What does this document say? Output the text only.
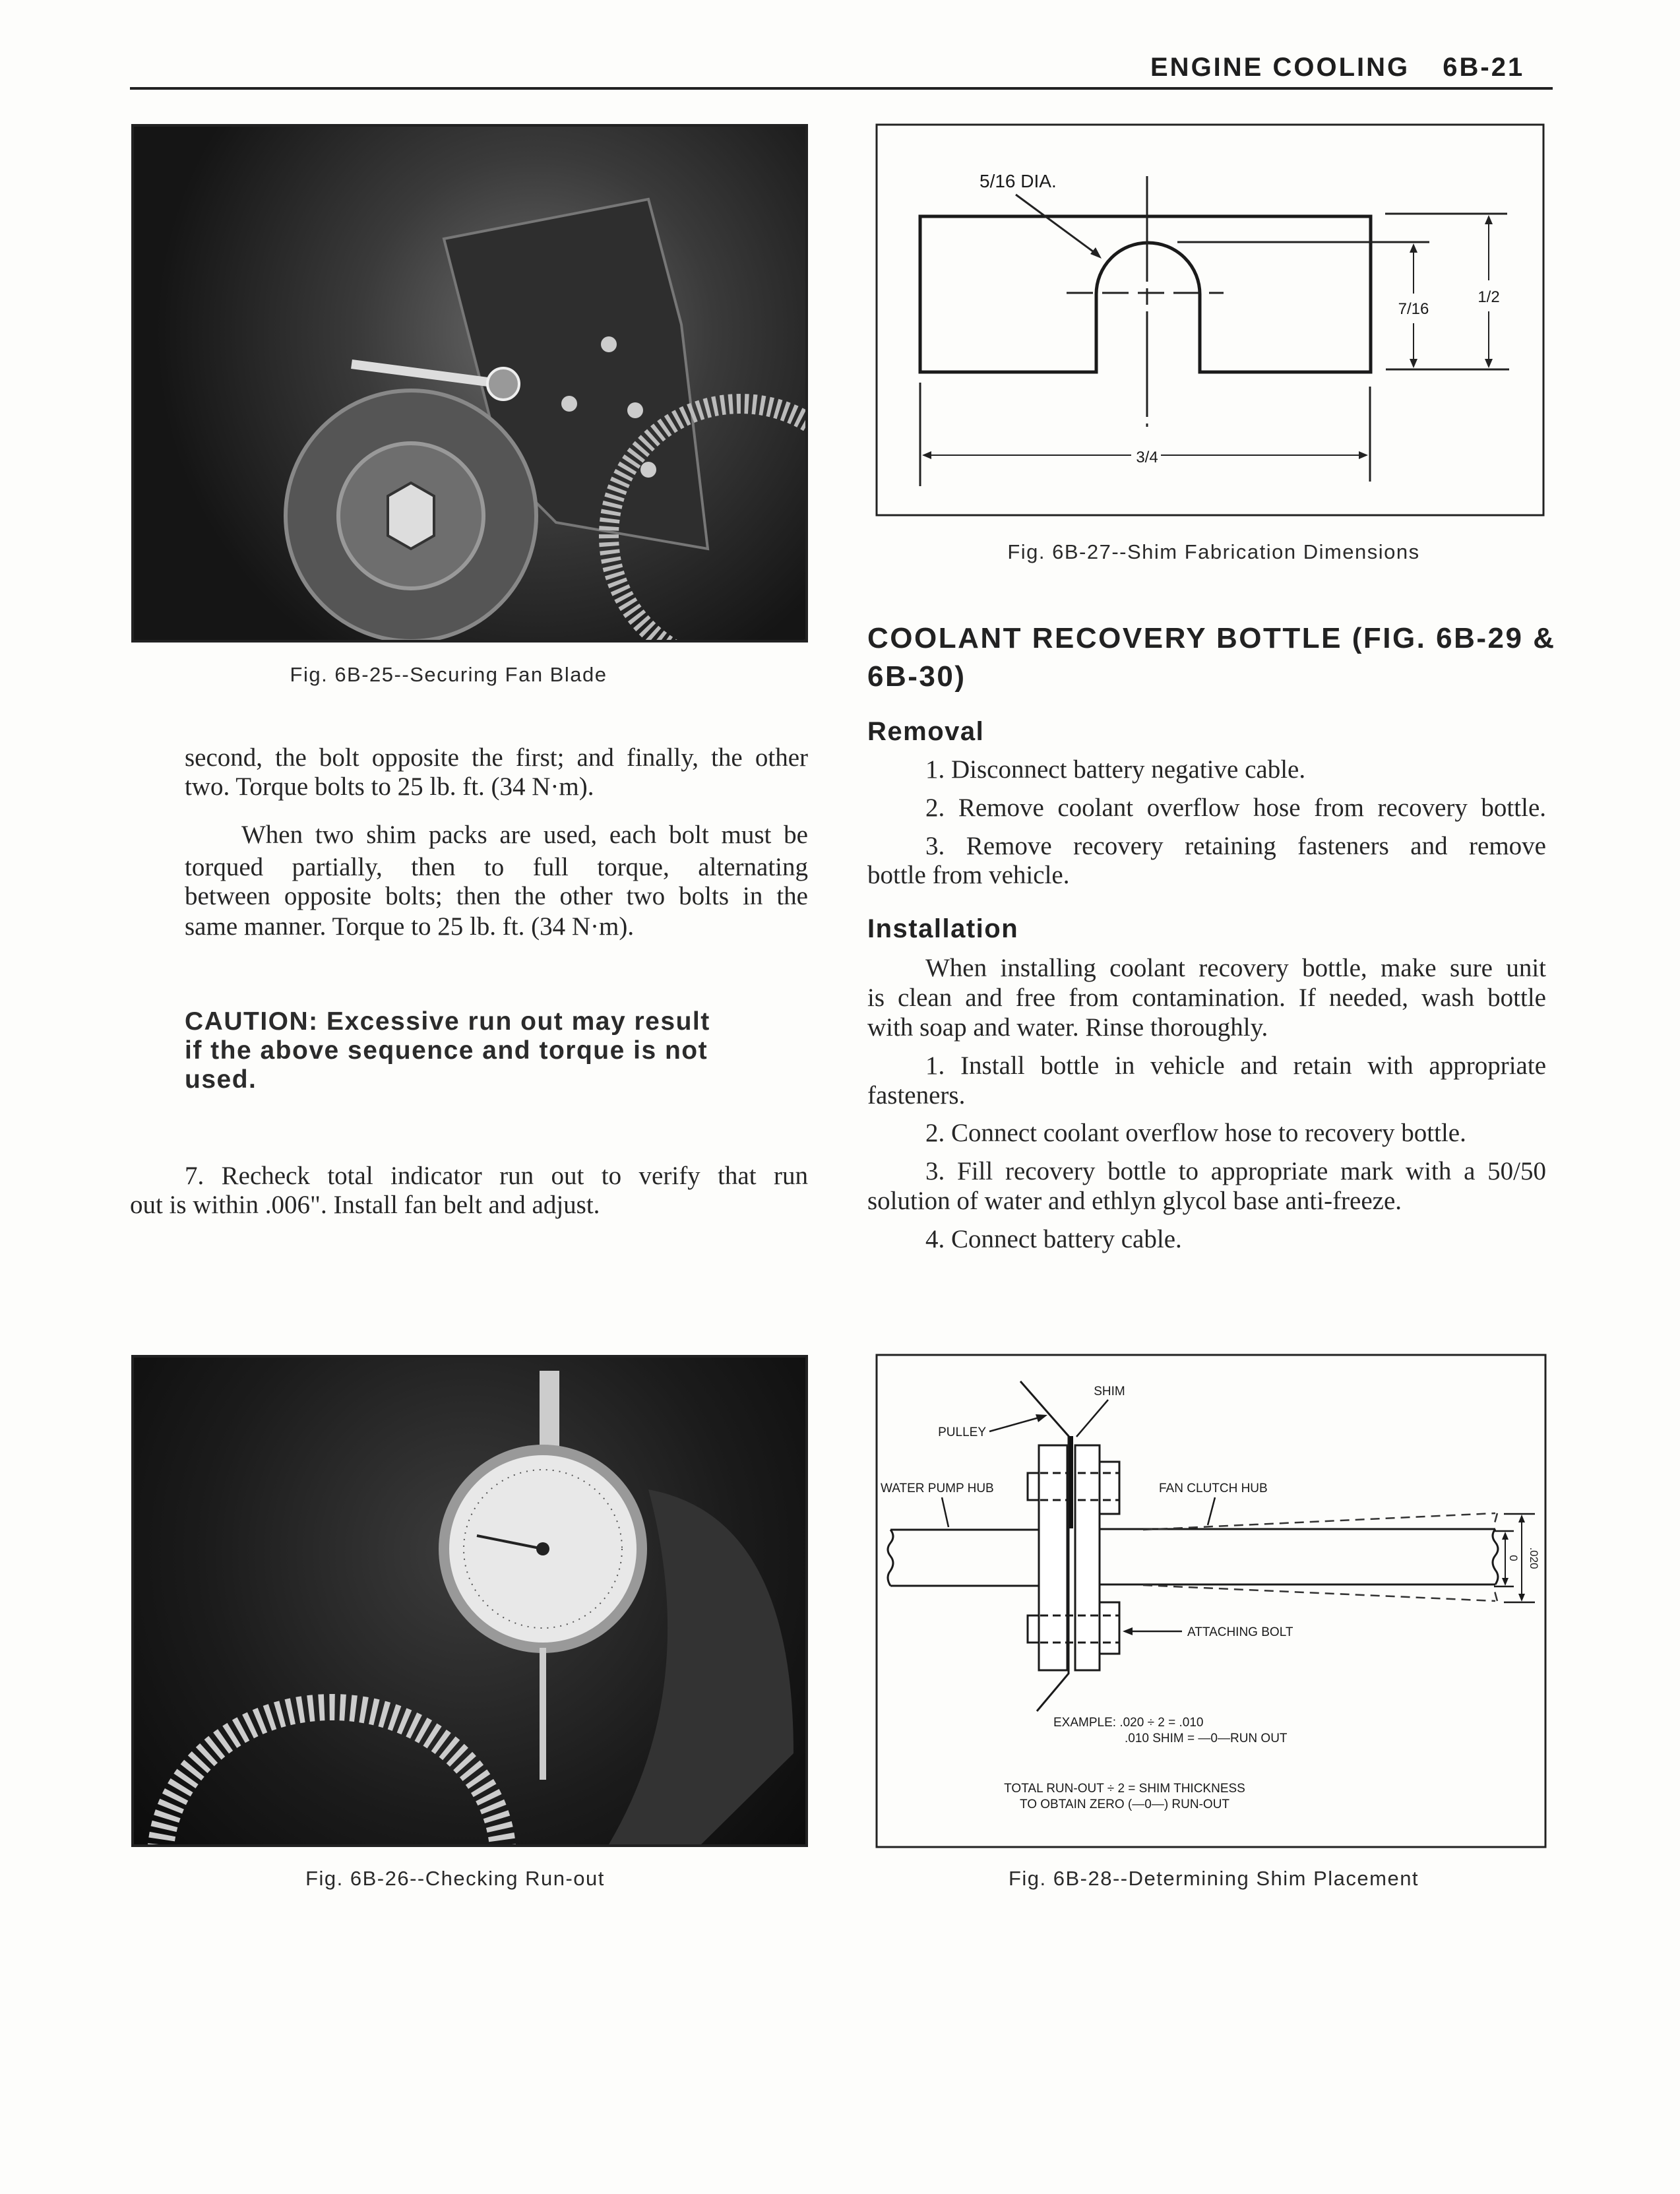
ENGINE COOLING 6B-21
Fig. 6B-25--Securing Fan Blade
second, the bolt opposite the first; and finally, the other
two. Torque bolts to 25 lb. ft. (34 N·m).
When two shim packs are used, each bolt must be
torqued partially, then to full torque, alternating
between opposite bolts; then the other two bolts in the
same manner. Torque to 25 lb. ft. (34 N·m).
CAUTION: Excessive run out may result
if the above sequence and torque is not
used.
7. Recheck total indicator run out to verify that run
out is within .006". Install fan belt and adjust.
Fig. 6B-26--Checking Run-out
1/2
7/16
3/4
5/16 DIA.
Fig. 6B-27--Shim Fabrication Dimensions
COOLANT RECOVERY BOTTLE (FIG. 6B-29 &
6B-30)
Removal
1. Disconnect battery negative cable.
2. Remove coolant overflow hose from recovery bottle.
3. Remove recovery retaining fasteners and remove
bottle from vehicle.
Installation
When installing coolant recovery bottle, make sure unit
is clean and free from contamination. If needed, wash bottle
with soap and water. Rinse thoroughly.
1. Install bottle in vehicle and retain with appropriate
fasteners.
2. Connect coolant overflow hose to recovery bottle.
3. Fill recovery bottle to appropriate mark with a 50/50
solution of water and ethlyn glycol base anti-freeze.
4. Connect battery cable.
SHIM
PULLEY
WATER PUMP HUB	FAN CLUTCH HUB
ATTACHING BOLT
.020
0
EXAMPLE: .020 ÷ 2 = .010
.010 SHIM = —0—RUN OUT
TOTAL RUN-OUT ÷ 2 = SHIM THICKNESS
TO OBTAIN ZERO (—0—) RUN-OUT
Fig. 6B-28--Determining Shim Placement
